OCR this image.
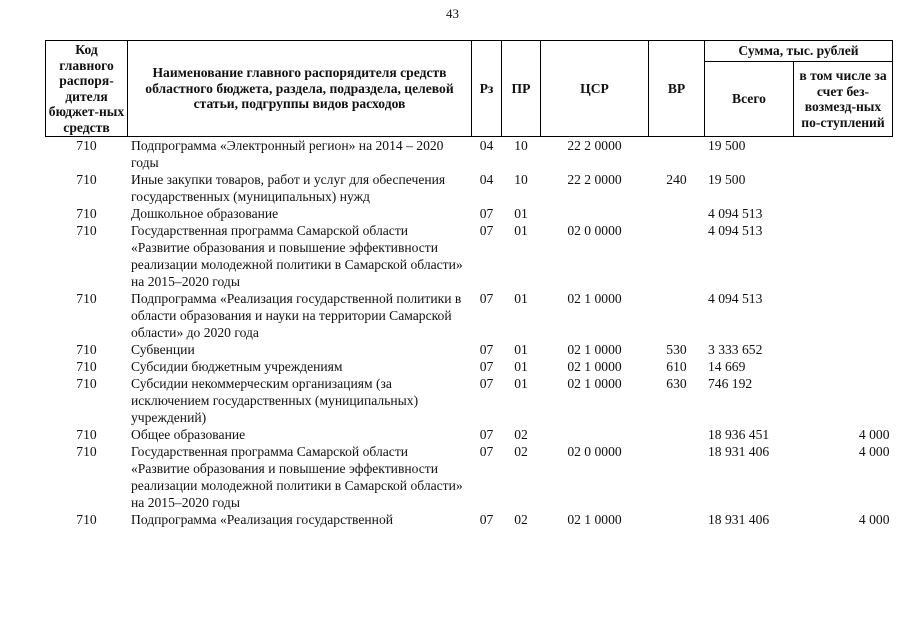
43
Код главного распоря-дителя бюджет-ных средств	Наименование главного распорядителя средств областного бюджета, раздела, подраздела, целевой статьи, подгруппы видов расходов	Рз	ПР	ЦСР	ВР	Сумма, тыс. рублей	
						Всего	в том числе за счет без-возмезд-ных по-ступлений
710	Подпрограмма «Электронный регион» на 2014 – 2020 годы	04	10	22 2 0000		19 500	
710	Иные закупки товаров, работ и услуг для обеспечения государственных (муниципальных) нужд	04	10	22 2 0000	240	19 500	
710	Дошкольное образование	07	01			4 094 513	
710	Государственная программа Самарской области «Развитие образования и повышение эффективности реализации молодежной политики в Самарской области» на 2015–2020 годы	07	01	02 0 0000		4 094 513	
710	Подпрограмма «Реализация государственной политики в области образования и науки на территории Самарской области» до 2020 года	07	01	02 1 0000		4 094 513	
710	Субвенции	07	01	02 1 0000	530	3 333 652	
710	Субсидии бюджетным учреждениям	07	01	02 1 0000	610	14 669	
710	Субсидии некоммерческим организациям (за исключением государственных (муниципальных) учреждений)	07	01	02 1 0000	630	746 192	
710	Общее образование	07	02			18 936 451	4 000
710	Государственная программа Самарской области «Развитие образования и повышение эффективности реализации молодежной политики в Самарской области» на 2015–2020 годы	07	02	02 0 0000		18 931 406	4 000
710	Подпрограмма «Реализация государственной	07	02	02 1 0000		18 931 406	4 000
